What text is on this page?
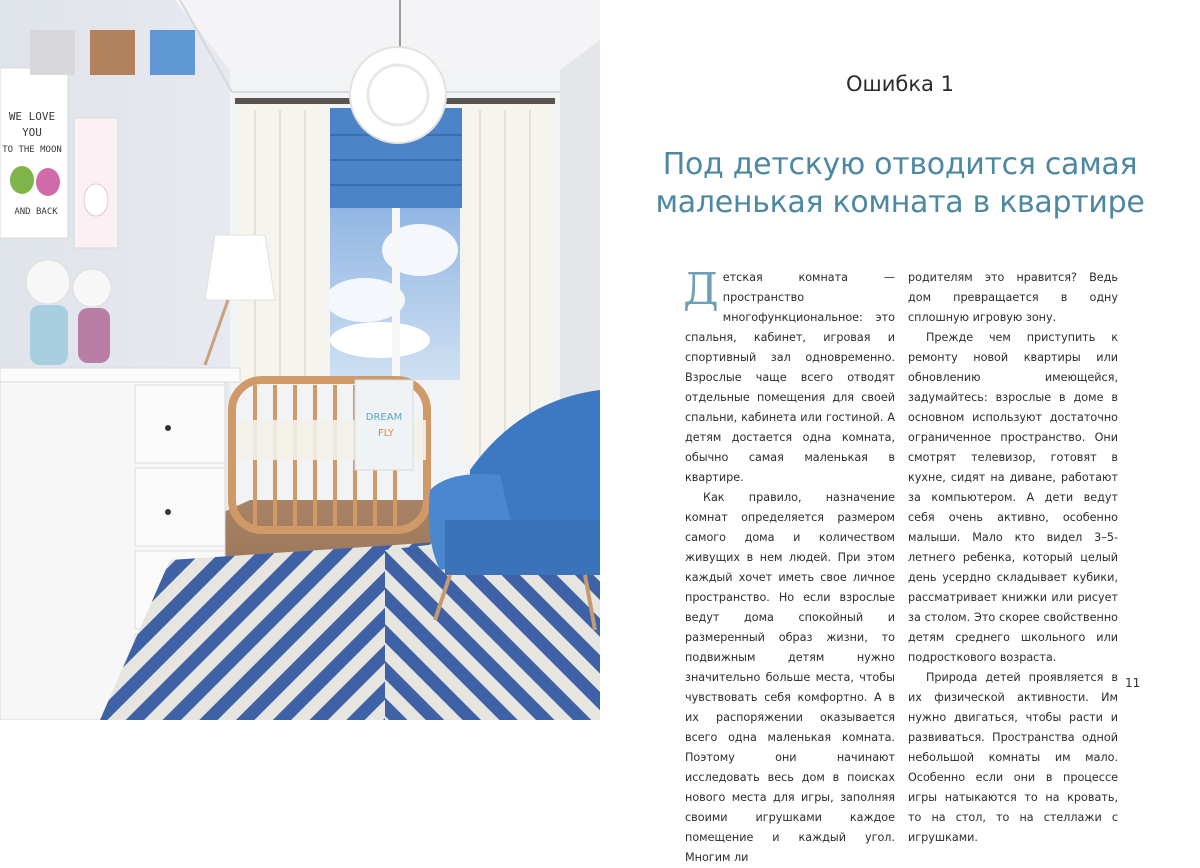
WE LOVE
YOU
TO THE MOON
AND BACK
DREAM
FLY

Ошибка 1

Под детскую отводится самая
маленькая комната в квартире

Детская комната — пространство многофункциональное: это спальня, кабинет, игровая и спортивный зал одновременно. Взрослые чаще всего отводят отдельные помещения для своей спальни, кабинета или гостиной. А детям достается одна комната, обычно самая маленькая в квартире.

Как правило, назначение комнат определяется размером самого дома и количеством живущих в нем людей. При этом каждый хочет иметь свое личное пространство. Но если взрослые ведут дома спокойный и размеренный образ жизни, то подвижным детям нужно значительно больше места, чтобы чувствовать себя комфортно. А в их распоряжении оказывается всего одна маленькая комната. Поэтому они начинают исследовать весь дом в поисках нового места для игры, заполняя своими игрушками каждое помещение и каждый угол. Многим ли

родителям это нравится? Ведь дом превращается в одну сплошную игровую зону.

Прежде чем приступить к ремонту новой квартиры или обновлению имеющейся, задумайтесь: взрослые в доме в основном используют достаточно ограниченное пространство. Они смотрят телевизор, готовят в кухне, сидят на диване, работают за компьютером. А дети ведут себя очень активно, особенно малыши. Мало кто видел 3–5-летнего ребенка, который целый день усердно складывает кубики, рассматривает книжки или рисует за столом. Это скорее свойственно детям среднего школьного или подросткового возраста.

Природа детей проявляется в их физической активности. Им нужно двигаться, чтобы расти и развиваться. Пространства одной небольшой комнаты им мало. Особенно если они в процессе игры натыкаются то на кровать, то на стол, то на стеллажи с игрушками.

11
